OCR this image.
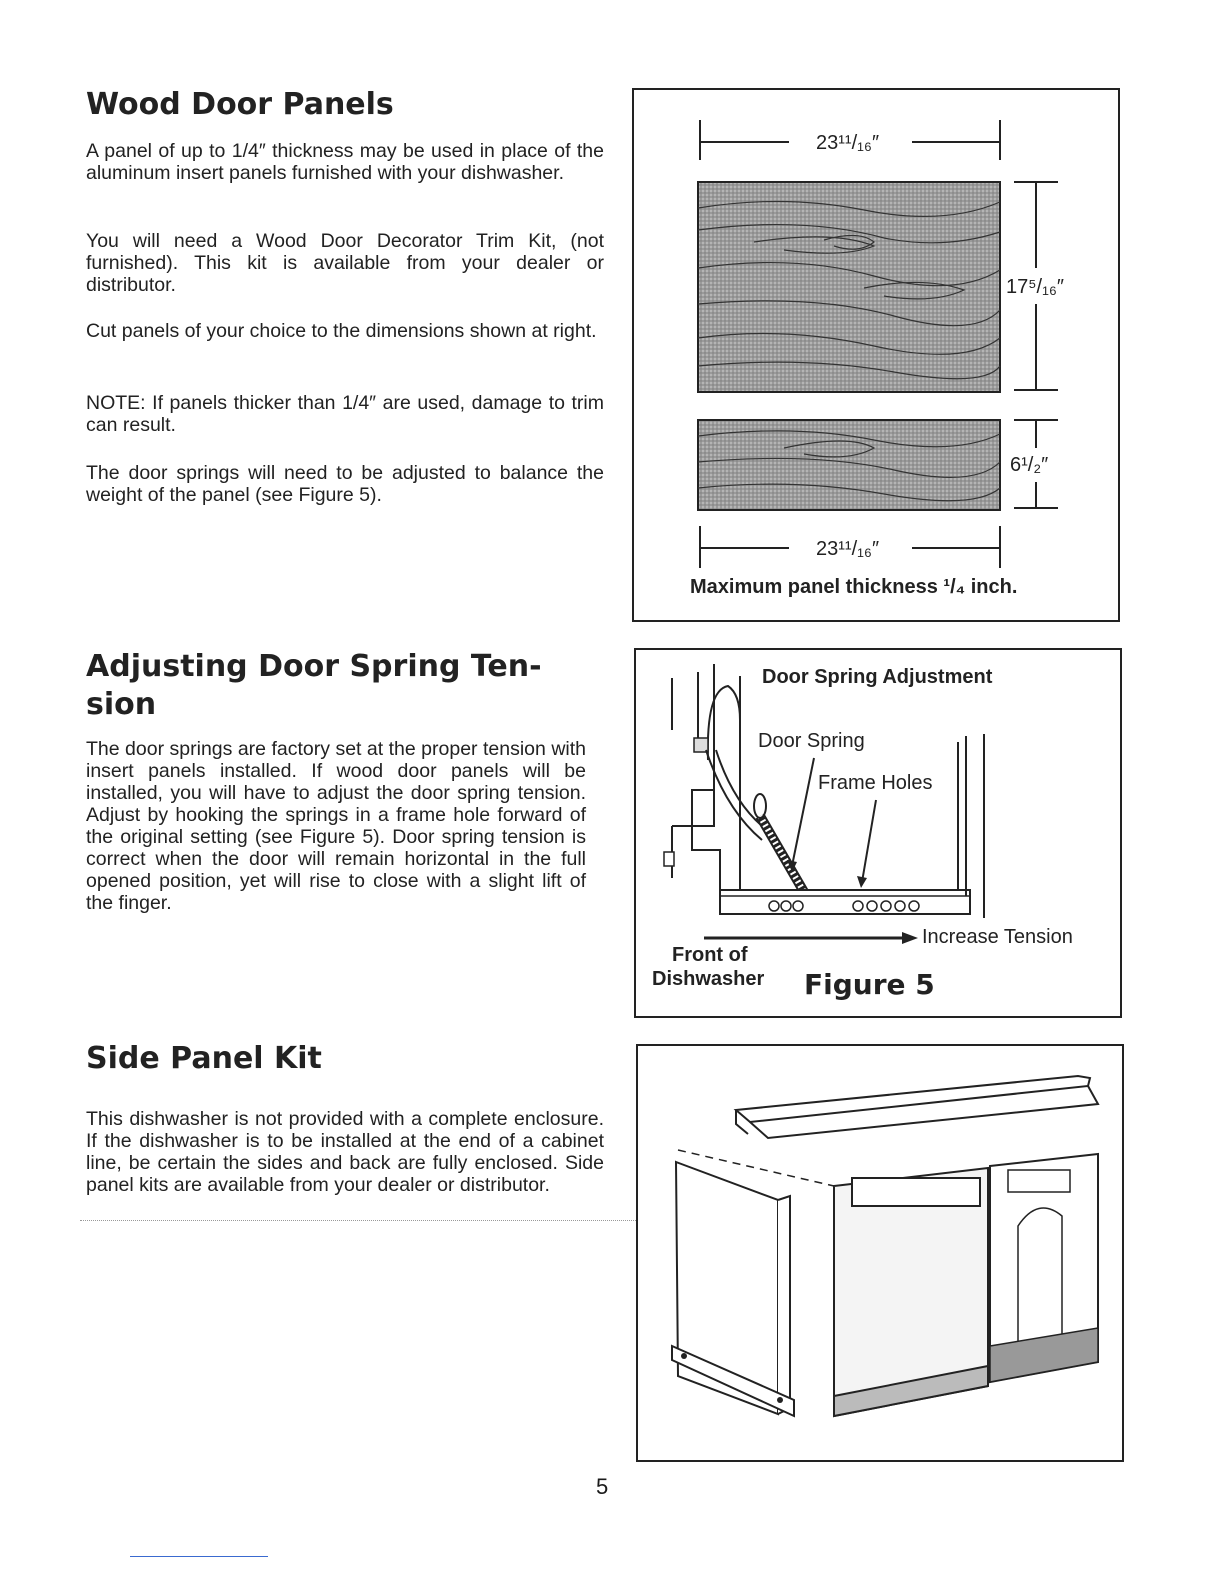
Wood Door Panels

A panel of up to 1/4″ thickness may be used in place of the aluminum insert panels furnished with your dishwasher.

You will need a Wood Door Decorator Trim Kit, (not furnished). This kit is available from your dealer or distributor.

Cut panels of your choice to the dimensions shown at right.

NOTE: If panels thicker than 1/4″ are used, damage to trim can result.

The door springs will need to be adjusted to balance the weight of the panel (see Figure 5).

Adjusting Door Spring Ten-
sion

The door springs are factory set at the proper tension with insert panels installed. If wood door panels will be installed, you will have to adjust the door spring tension. Adjust by hooking the springs in a frame hole forward of the original setting (see Figure 5). Door spring tension is correct when the door will remain horizontal in the full opened position, yet will rise to close with a slight lift of the finger.

Side Panel Kit

This dishwasher is not provided with a complete enclosure. If the dishwasher is to be installed at the end of a cabinet line, be certain the sides and back are fully enclosed. Side panel kits are available from your dealer or distributor.

23¹¹/₁₆″
17⁵/₁₆″
6¹/₂″
23¹¹/₁₆″
Maximum panel thickness ¹/₄ inch.
Door Spring Adjustment
Door Spring
Frame Holes
Increase Tension
Front of
Dishwasher Figure 5
5
